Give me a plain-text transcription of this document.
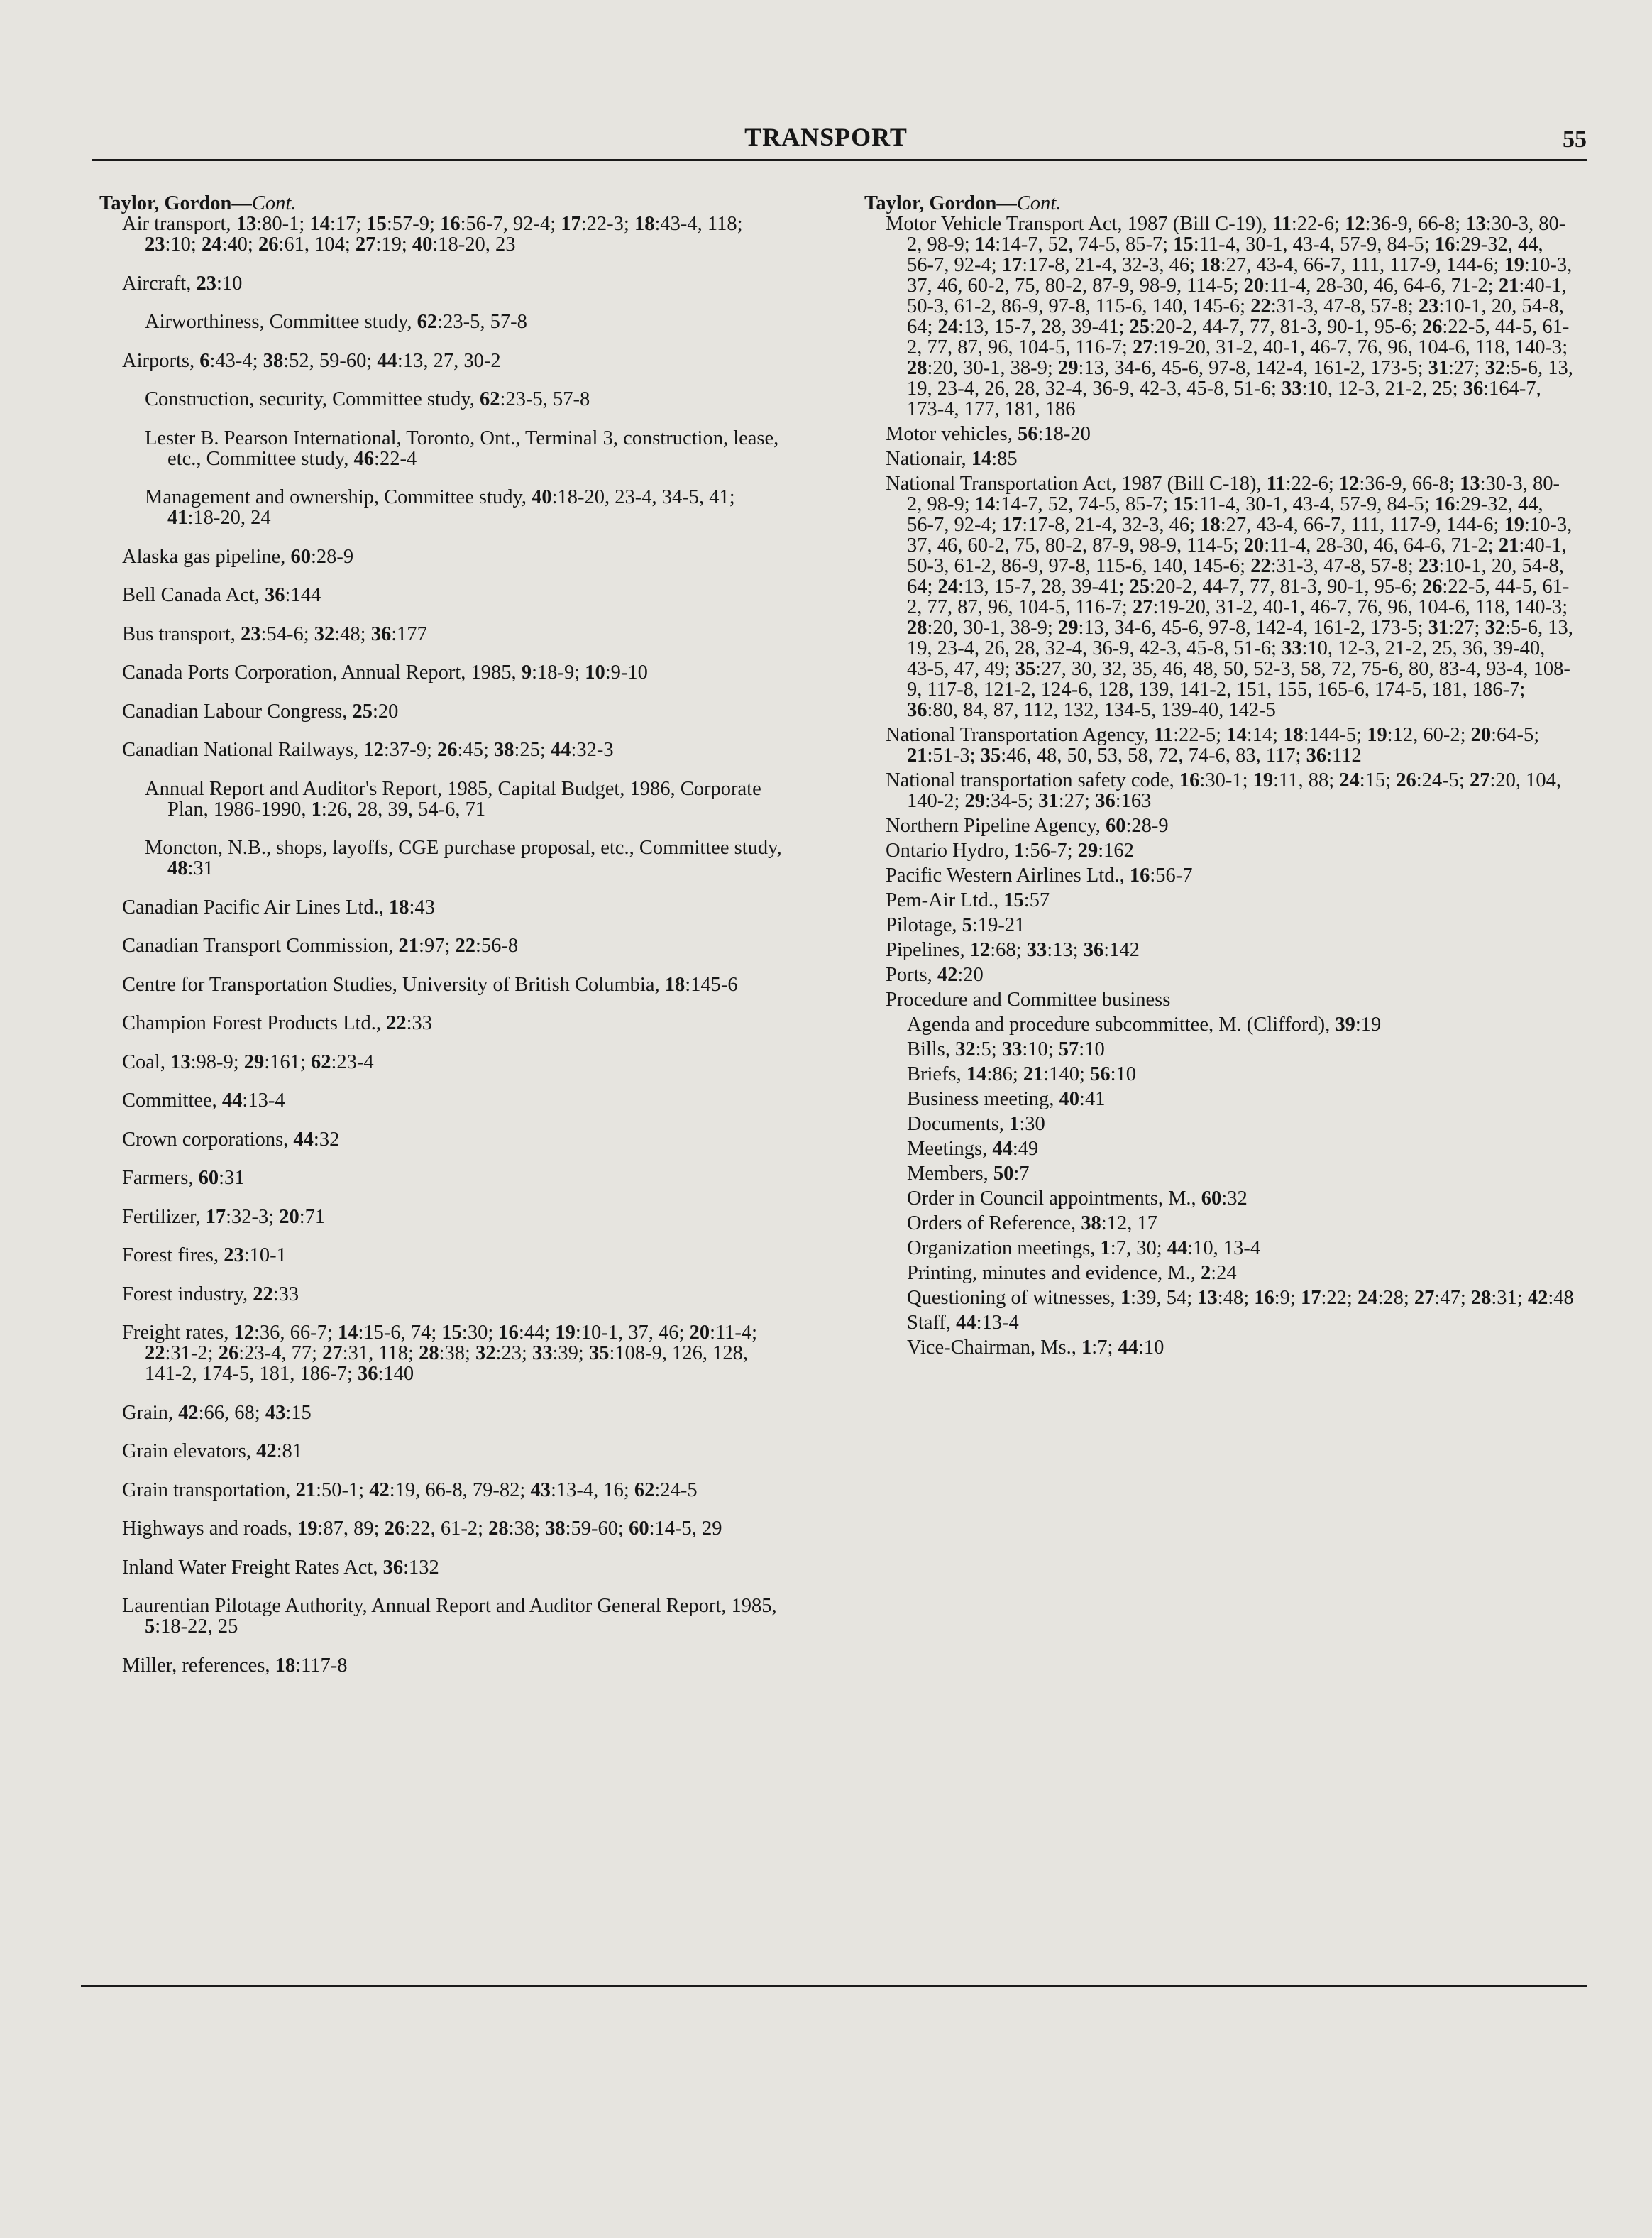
TRANSPORT	55
Taylor, Gordon—Cont.
Air transport, 13:80-1; 14:17; 15:57-9; 16:56-7, 92-4; 17:22-3; 18:43-4, 118; 23:10; 24:40; 26:61, 104; 27:19; 40:18-20, 23
Aircraft, 23:10
Airworthiness, Committee study, 62:23-5, 57-8
Airports, 6:43-4; 38:52, 59-60; 44:13, 27, 30-2
Construction, security, Committee study, 62:23-5, 57-8
Lester B. Pearson International, Toronto, Ont., Terminal 3, construction, lease, etc., Committee study, 46:22-4
Management and ownership, Committee study, 40:18-20, 23-4, 34-5, 41; 41:18-20, 24
Alaska gas pipeline, 60:28-9
Bell Canada Act, 36:144
Bus transport, 23:54-6; 32:48; 36:177
Canada Ports Corporation, Annual Report, 1985, 9:18-9; 10:9-10
Canadian Labour Congress, 25:20
Canadian National Railways, 12:37-9; 26:45; 38:25; 44:32-3
Annual Report and Auditor's Report, 1985, Capital Budget, 1986, Corporate Plan, 1986-1990, 1:26, 28, 39, 54-6, 71
Moncton, N.B., shops, layoffs, CGE purchase proposal, etc., Committee study, 48:31
Canadian Pacific Air Lines Ltd., 18:43
Canadian Transport Commission, 21:97; 22:56-8
Centre for Transportation Studies, University of British Columbia, 18:145-6
Champion Forest Products Ltd., 22:33
Coal, 13:98-9; 29:161; 62:23-4
Committee, 44:13-4
Crown corporations, 44:32
Farmers, 60:31
Fertilizer, 17:32-3; 20:71
Forest fires, 23:10-1
Forest industry, 22:33
Freight rates, 12:36, 66-7; 14:15-6, 74; 15:30; 16:44; 19:10-1, 37, 46; 20:11-4; 22:31-2; 26:23-4, 77; 27:31, 118; 28:38; 32:23; 33:39; 35:108-9, 126, 128, 141-2, 174-5, 181, 186-7; 36:140
Grain, 42:66, 68; 43:15
Grain elevators, 42:81
Grain transportation, 21:50-1; 42:19, 66-8, 79-82; 43:13-4, 16; 62:24-5
Highways and roads, 19:87, 89; 26:22, 61-2; 28:38; 38:59-60; 60:14-5, 29
Inland Water Freight Rates Act, 36:132
Laurentian Pilotage Authority, Annual Report and Auditor General Report, 1985, 5:18-22, 25
Miller, references, 18:117-8
Taylor, Gordon—Cont.
Motor Vehicle Transport Act, 1987 (Bill C-19), 11:22-6; 12:36-9, 66-8; 13:30-3, 80-2, 98-9; 14:14-7, 52, 74-5, 85-7; 15:11-4, 30-1, 43-4, 57-9, 84-5; 16:29-32, 44, 56-7, 92-4; 17:17-8, 21-4, 32-3, 46; 18:27, 43-4, 66-7, 111, 117-9, 144-6; 19:10-3, 37, 46, 60-2, 75, 80-2, 87-9, 98-9, 114-5; 20:11-4, 28-30, 46, 64-6, 71-2; 21:40-1, 50-3, 61-2, 86-9, 97-8, 115-6, 140, 145-6; 22:31-3, 47-8, 57-8; 23:10-1, 20, 54-8, 64; 24:13, 15-7, 28, 39-41; 25:20-2, 44-7, 77, 81-3, 90-1, 95-6; 26:22-5, 44-5, 61-2, 77, 87, 96, 104-5, 116-7; 27:19-20, 31-2, 40-1, 46-7, 76, 96, 104-6, 118, 140-3; 28:20, 30-1, 38-9; 29:13, 34-6, 45-6, 97-8, 142-4, 161-2, 173-5; 31:27; 32:5-6, 13, 19, 23-4, 26, 28, 32-4, 36-9, 42-3, 45-8, 51-6; 33:10, 12-3, 21-2, 25; 36:164-7, 173-4, 177, 181, 186
Motor vehicles, 56:18-20
Nationair, 14:85
National Transportation Act, 1987 (Bill C-18), 11:22-6; 12:36-9, 66-8; 13:30-3, 80-2, 98-9; 14:14-7, 52, 74-5, 85-7; 15:11-4, 30-1, 43-4, 57-9, 84-5; 16:29-32, 44, 56-7, 92-4; 17:17-8, 21-4, 32-3, 46; 18:27, 43-4, 66-7, 111, 117-9, 144-6; 19:10-3, 37, 46, 60-2, 75, 80-2, 87-9, 98-9, 114-5; 20:11-4, 28-30, 46, 64-6, 71-2; 21:40-1, 50-3, 61-2, 86-9, 97-8, 115-6, 140, 145-6; 22:31-3, 47-8, 57-8; 23:10-1, 20, 54-8, 64; 24:13, 15-7, 28, 39-41; 25:20-2, 44-7, 77, 81-3, 90-1, 95-6; 26:22-5, 44-5, 61-2, 77, 87, 96, 104-5, 116-7; 27:19-20, 31-2, 40-1, 46-7, 76, 96, 104-6, 118, 140-3; 28:20, 30-1, 38-9; 29:13, 34-6, 45-6, 97-8, 142-4, 161-2, 173-5; 31:27; 32:5-6, 13, 19, 23-4, 26, 28, 32-4, 36-9, 42-3, 45-8, 51-6; 33:10, 12-3, 21-2, 25, 36, 39-40, 43-5, 47, 49; 35:27, 30, 32, 35, 46, 48, 50, 52-3, 58, 72, 75-6, 80, 83-4, 93-4, 108-9, 117-8, 121-2, 124-6, 128, 139, 141-2, 151, 155, 165-6, 174-5, 181, 186-7; 36:80, 84, 87, 112, 132, 134-5, 139-40, 142-5
National Transportation Agency, 11:22-5; 14:14; 18:144-5; 19:12, 60-2; 20:64-5; 21:51-3; 35:46, 48, 50, 53, 58, 72, 74-6, 83, 117; 36:112
National transportation safety code, 16:30-1; 19:11, 88; 24:15; 26:24-5; 27:20, 104, 140-2; 29:34-5; 31:27; 36:163
Northern Pipeline Agency, 60:28-9
Ontario Hydro, 1:56-7; 29:162
Pacific Western Airlines Ltd., 16:56-7
Pem-Air Ltd., 15:57
Pilotage, 5:19-21
Pipelines, 12:68; 33:13; 36:142
Ports, 42:20
Procedure and Committee business
Agenda and procedure subcommittee, M. (Clifford), 39:19
Bills, 32:5; 33:10; 57:10
Briefs, 14:86; 21:140; 56:10
Business meeting, 40:41
Documents, 1:30
Meetings, 44:49
Members, 50:7
Order in Council appointments, M., 60:32
Orders of Reference, 38:12, 17
Organization meetings, 1:7, 30; 44:10, 13-4
Printing, minutes and evidence, M., 2:24
Questioning of witnesses, 1:39, 54; 13:48; 16:9; 17:22; 24:28; 27:47; 28:31; 42:48
Staff, 44:13-4
Vice-Chairman, Ms., 1:7; 44:10
